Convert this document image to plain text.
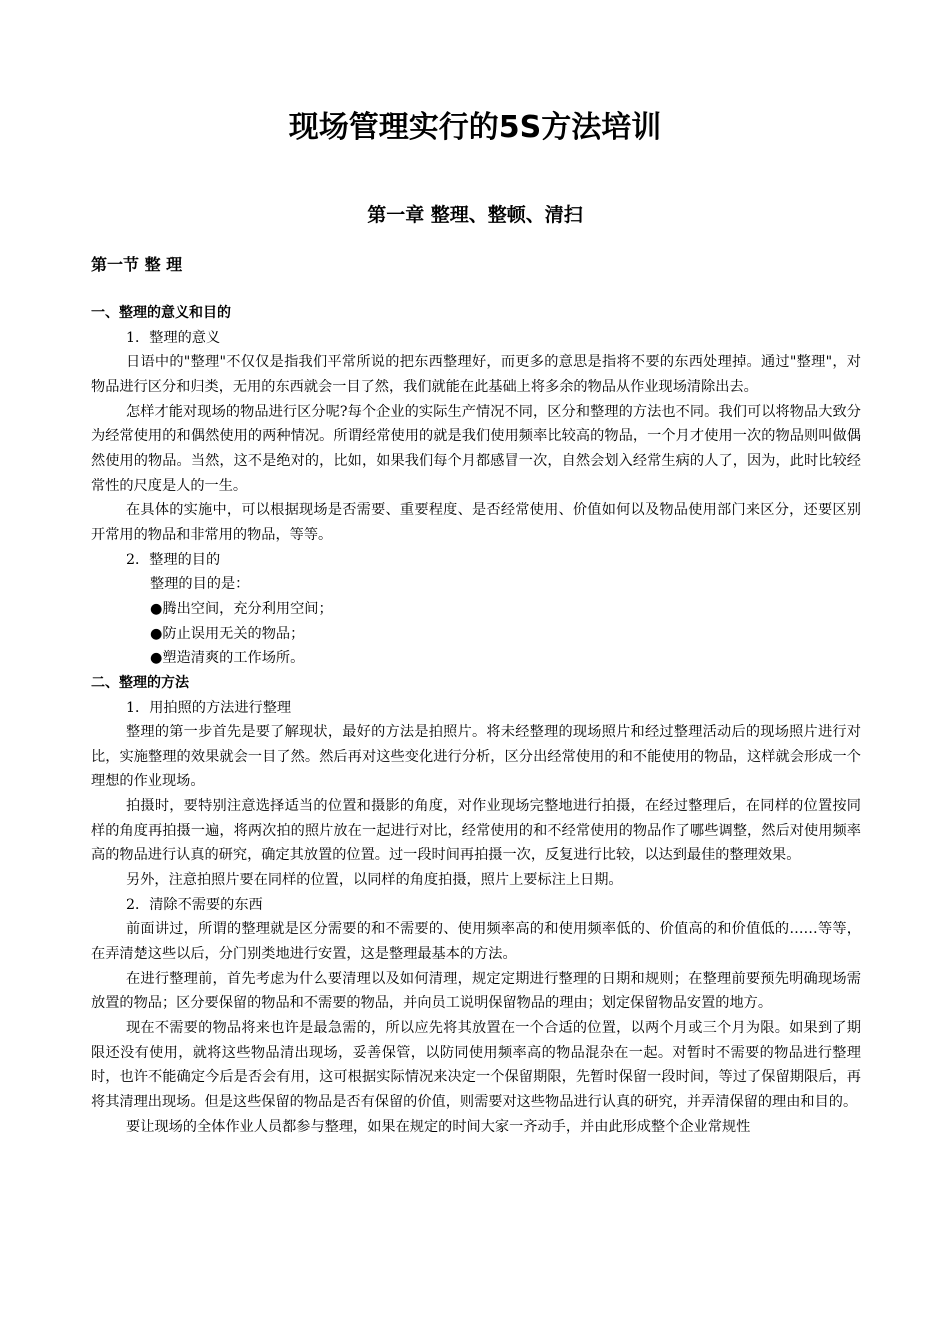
现场管理实行的5S方法培训
第一章 整理、整顿、清扫
第一节 整 理

一、整理的意义和目的

1．整理的意义

日语中的"整理"不仅仅是指我们平常所说的把东西整理好，而更多的意思是指将不要的东西处理掉。通过"整理"，对物品进行区分和归类，无用的东西就会一目了然，我们就能在此基础上将多余的物品从作业现场清除出去。

怎样才能对现场的物品进行区分呢?每个企业的实际生产情况不同，区分和整理的方法也不同。我们可以将物品大致分为经常使用的和偶然使用的两种情况。所谓经常使用的就是我们使用频率比较高的物品，一个月才使用一次的物品则叫做偶然使用的物品。当然，这不是绝对的，比如，如果我们每个月都感冒一次，自然会划入经常生病的人了，因为，此时比较经常性的尺度是人的一生。

在具体的实施中，可以根据现场是否需要、重要程度、是否经常使用、价值如何以及物品使用部门来区分，还要区别开常用的物品和非常用的物品，等等。

2．整理的目的

整理的目的是：

●腾出空间，充分利用空间；

●防止误用无关的物品；

●塑造清爽的工作场所。

二、整理的方法

1．用拍照的方法进行整理

整理的第一步首先是要了解现状，最好的方法是拍照片。将未经整理的现场照片和经过整理活动后的现场照片进行对比，实施整理的效果就会一目了然。然后再对这些变化进行分析，区分出经常使用的和不能使用的物品，这样就会形成一个理想的作业现场。

拍摄时，要特别注意选择适当的位置和摄影的角度，对作业现场完整地进行拍摄，在经过整理后，在同样的位置按同样的角度再拍摄一遍，将两次拍的照片放在一起进行对比，经常使用的和不经常使用的物品作了哪些调整，然后对使用频率高的物品进行认真的研究，确定其放置的位置。过一段时间再拍摄一次，反复进行比较，以达到最佳的整理效果。

另外，注意拍照片要在同样的位置，以同样的角度拍摄，照片上要标注上日期。

2．清除不需要的东西

前面讲过，所谓的整理就是区分需要的和不需要的、使用频率高的和使用频率低的、价值高的和价值低的……等等，在弄清楚这些以后，分门别类地进行安置，这是整理最基本的方法。

在进行整理前，首先考虑为什么要清理以及如何清理，规定定期进行整理的日期和规则；在整理前要预先明确现场需放置的物品；区分要保留的物品和不需要的物品，并向员工说明保留物品的理由；划定保留物品安置的地方。

现在不需要的物品将来也许是最急需的，所以应先将其放置在一个合适的位置，以两个月或三个月为限。如果到了期限还没有使用，就将这些物品清出现场，妥善保管，以防同使用频率高的物品混杂在一起。对暂时不需要的物品进行整理时，也许不能确定今后是否会有用，这可根据实际情况来决定一个保留期限，先暂时保留一段时间，等过了保留期限后，再将其清理出现场。但是这些保留的物品是否有保留的价值，则需要对这些物品进行认真的研究，并弄清保留的理由和目的。

要让现场的全体作业人员都参与整理，如果在规定的时间大家一齐动手，并由此形成整个企业常规性
